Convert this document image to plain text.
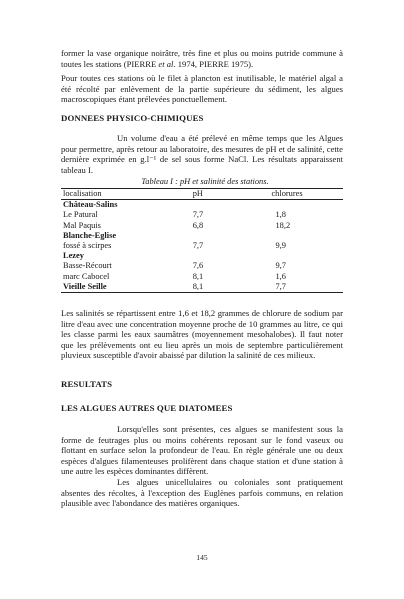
former la vase organique noirâtre, très fine et plus ou moins putride commune à toutes les stations (PIERRE et al. 1974, PIERRE 1975).

Pour toutes ces stations où le filet à plancton est inutilisable, le matériel algal a été récolté par enlèvement de la partie supérieure du sédiment, les algues macroscopiques étant prélevées ponctuellement.

DONNEES PHYSICO-CHIMIQUES

Un volume d'eau a été prélevé en même temps que les Algues pour permettre, après retour au laboratoire, des mesures de pH et de salinité, cette dernière exprimée en g.l⁻¹ de sel sous forme NaCl. Les résultats apparaissent tableau I.

Tableau I : pH et salinité des stations.

localisation	pH	chlorures
Château-Salins		
Le Patural	7,7	1,8
Mal Paquis	6,8	18,2
Blanche-Eglise		
fossé à scirpes	7,7	9,9
Lezey		
Basse-Récourt	7,6	9,7
marc Cabocel	8,1	1,6
Vieille Seille	8,1	7,7

Les salinités se répartissent entre 1,6 et 18,2 grammes de chlorure de sodium par litre d'eau avec une concentration moyenne proche de 10 grammes au litre, ce qui les classe parmi les eaux saumâtres (moyennement mesohalobes). Il faut noter que les prélèvements ont eu lieu après un mois de septembre particulièrement pluvieux susceptible d'avoir abaissé par dilution la salinité de ces milieux.

RESULTATS
LES ALGUES AUTRES QUE DIATOMEES

Lorsqu'elles sont présentes, ces algues se manifestent sous la forme de feutrages plus ou moins cohérents reposant sur le fond vaseux ou flottant en surface selon la profondeur de l'eau. En règle générale une ou deux espèces d'algues filamenteuses prolifèrent dans chaque station et d'une station à une autre les espèces dominantes diffèrent.

Les algues unicellulaires ou coloniales sont pratiquement absentes des récoltes, à l'exception des Euglènes parfois communs, en relation plausible avec l'abondance des matières organiques.

145
